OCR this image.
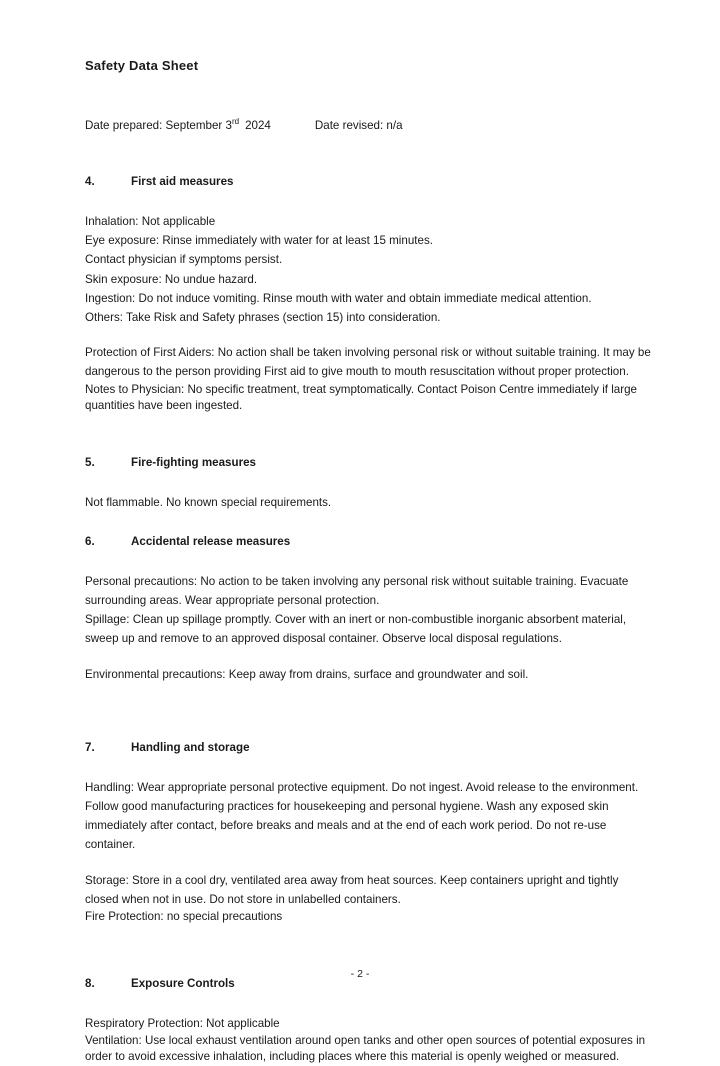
Safety Data Sheet

Date prepared: September 3rd 2024	Date revised: n/a

4.	First aid measures

Inhalation: Not applicable

Eye exposure: Rinse immediately with water for at least 15 minutes.

Contact physician if symptoms persist.

Skin exposure: No undue hazard.

Ingestion: Do not induce vomiting. Rinse mouth with water and obtain immediate medical attention.

Others: Take Risk and Safety phrases (section 15) into consideration.

Protection of First Aiders: No action shall be taken involving personal risk or without suitable training. It may be dangerous to the person providing First aid to give mouth to mouth resuscitation without proper protection.

Notes to Physician: No specific treatment, treat symptomatically. Contact Poison Centre immediately if large quantities have been ingested.

5.	Fire-fighting measures

Not flammable. No known special requirements.

6.	Accidental release measures

Personal precautions: No action to be taken involving any personal risk without suitable training. Evacuate surrounding areas. Wear appropriate personal protection.

Spillage: Clean up spillage promptly. Cover with an inert or non-combustible inorganic absorbent material, sweep up and remove to an approved disposal container. Observe local disposal regulations.

Environmental precautions: Keep away from drains, surface and groundwater and soil.

7.	Handling and storage

Handling: Wear appropriate personal protective equipment. Do not ingest. Avoid release to the environment. Follow good manufacturing practices for housekeeping and personal hygiene. Wash any exposed skin immediately after contact, before breaks and meals and at the end of each work period. Do not re-use container.

Storage: Store in a cool dry, ventilated area away from heat sources. Keep containers upright and tightly closed when not in use. Do not store in unlabelled containers.

Fire Protection: no special precautions

8.	Exposure Controls

Respiratory Protection: Not applicable

Ventilation: Use local exhaust ventilation around open tanks and other open sources of potential exposures in order to avoid excessive inhalation, including places where this material is openly weighed or measured.

- 2 -
